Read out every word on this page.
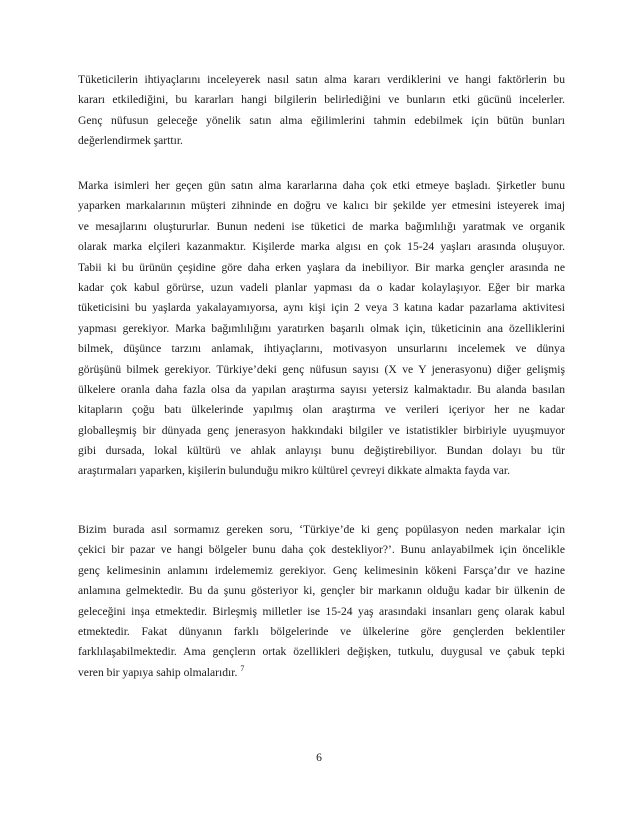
Tüketicilerin ihtiyaçlarını inceleyerek nasıl satın alma kararı verdiklerini ve hangi faktörlerin bu
kararı etkilediğini, bu kararları hangi bilgilerin belirlediğini ve bunların etki gücünü incelerler.
Genç nüfusun geleceğe yönelik satın alma eğilimlerini tahmin edebilmek için bütün bunları
değerlendirmek şarttır.
Marka isimleri her geçen gün satın alma kararlarına daha çok etki etmeye başladı. Şirketler bunu
yaparken markalarının müşteri zihninde en doğru ve kalıcı bir şekilde yer etmesini isteyerek imaj
ve mesajlarını oluştururlar. Bunun nedeni ise tüketici de marka bağımlılığı yaratmak ve organik
olarak marka elçileri kazanmaktır. Kişilerde marka algısı en çok 15-24 yaşları arasında oluşuyor.
Tabii ki bu ürünün çeşidine göre daha erken yaşlara da inebiliyor. Bir marka gençler arasında ne
kadar çok kabul görürse, uzun vadeli planlar yapması da o kadar kolaylaşıyor. Eğer bir marka
tüketicisini bu yaşlarda yakalayamıyorsa, aynı kişi için 2 veya 3 katına kadar pazarlama aktivitesi
yapması gerekiyor. Marka bağımlılığını yaratırken başarılı olmak için, tüketicinin ana özelliklerini
bilmek, düşünce tarzını anlamak, ihtiyaçlarını, motivasyon unsurlarını incelemek ve dünya
görüşünü bilmek gerekiyor. Türkiye’deki genç nüfusun sayısı (X ve Y jenerasyonu) diğer gelişmiş
ülkelere oranla daha fazla olsa da yapılan araştırma sayısı yetersiz kalmaktadır. Bu alanda basılan
kitapların çoğu batı ülkelerinde yapılmış olan araştırma ve verileri içeriyor her ne kadar
globalleşmiş bir dünyada genç jenerasyon hakkındaki bilgiler ve istatistikler birbiriyle uyuşmuyor
gibi dursada, lokal kültürü ve ahlak anlayışı bunu değiştirebiliyor. Bundan dolayı bu tür
araştırmaları yaparken, kişilerin bulunduğu mikro kültürel çevreyi dikkate almakta fayda var.
Bizim burada asıl sormamız gereken soru, ‘Türkiye’de ki genç popülasyon neden markalar için
çekici bir pazar ve hangi bölgeler bunu daha çok destekliyor?’. Bunu anlayabilmek için öncelikle
genç kelimesinin anlamını irdelememiz gerekiyor. Genç kelimesinin kökeni Farsça’dır ve hazine
anlamına gelmektedir. Bu da şunu gösteriyor ki, gençler bir markanın olduğu kadar bir ülkenin de
geleceğini inşa etmektedir. Birleşmiş milletler ise 15-24 yaş arasındaki insanları genç olarak kabul
etmektedir. Fakat dünyanın farklı bölgelerinde ve ülkelerine göre gençlerden beklentiler
farklılaşabilmektedir. Ama gençlerın ortak özellikleri değişken, tutkulu, duygusal ve çabuk tepki
veren bir yapıya sahip olmalarıdır. $^7$
6
